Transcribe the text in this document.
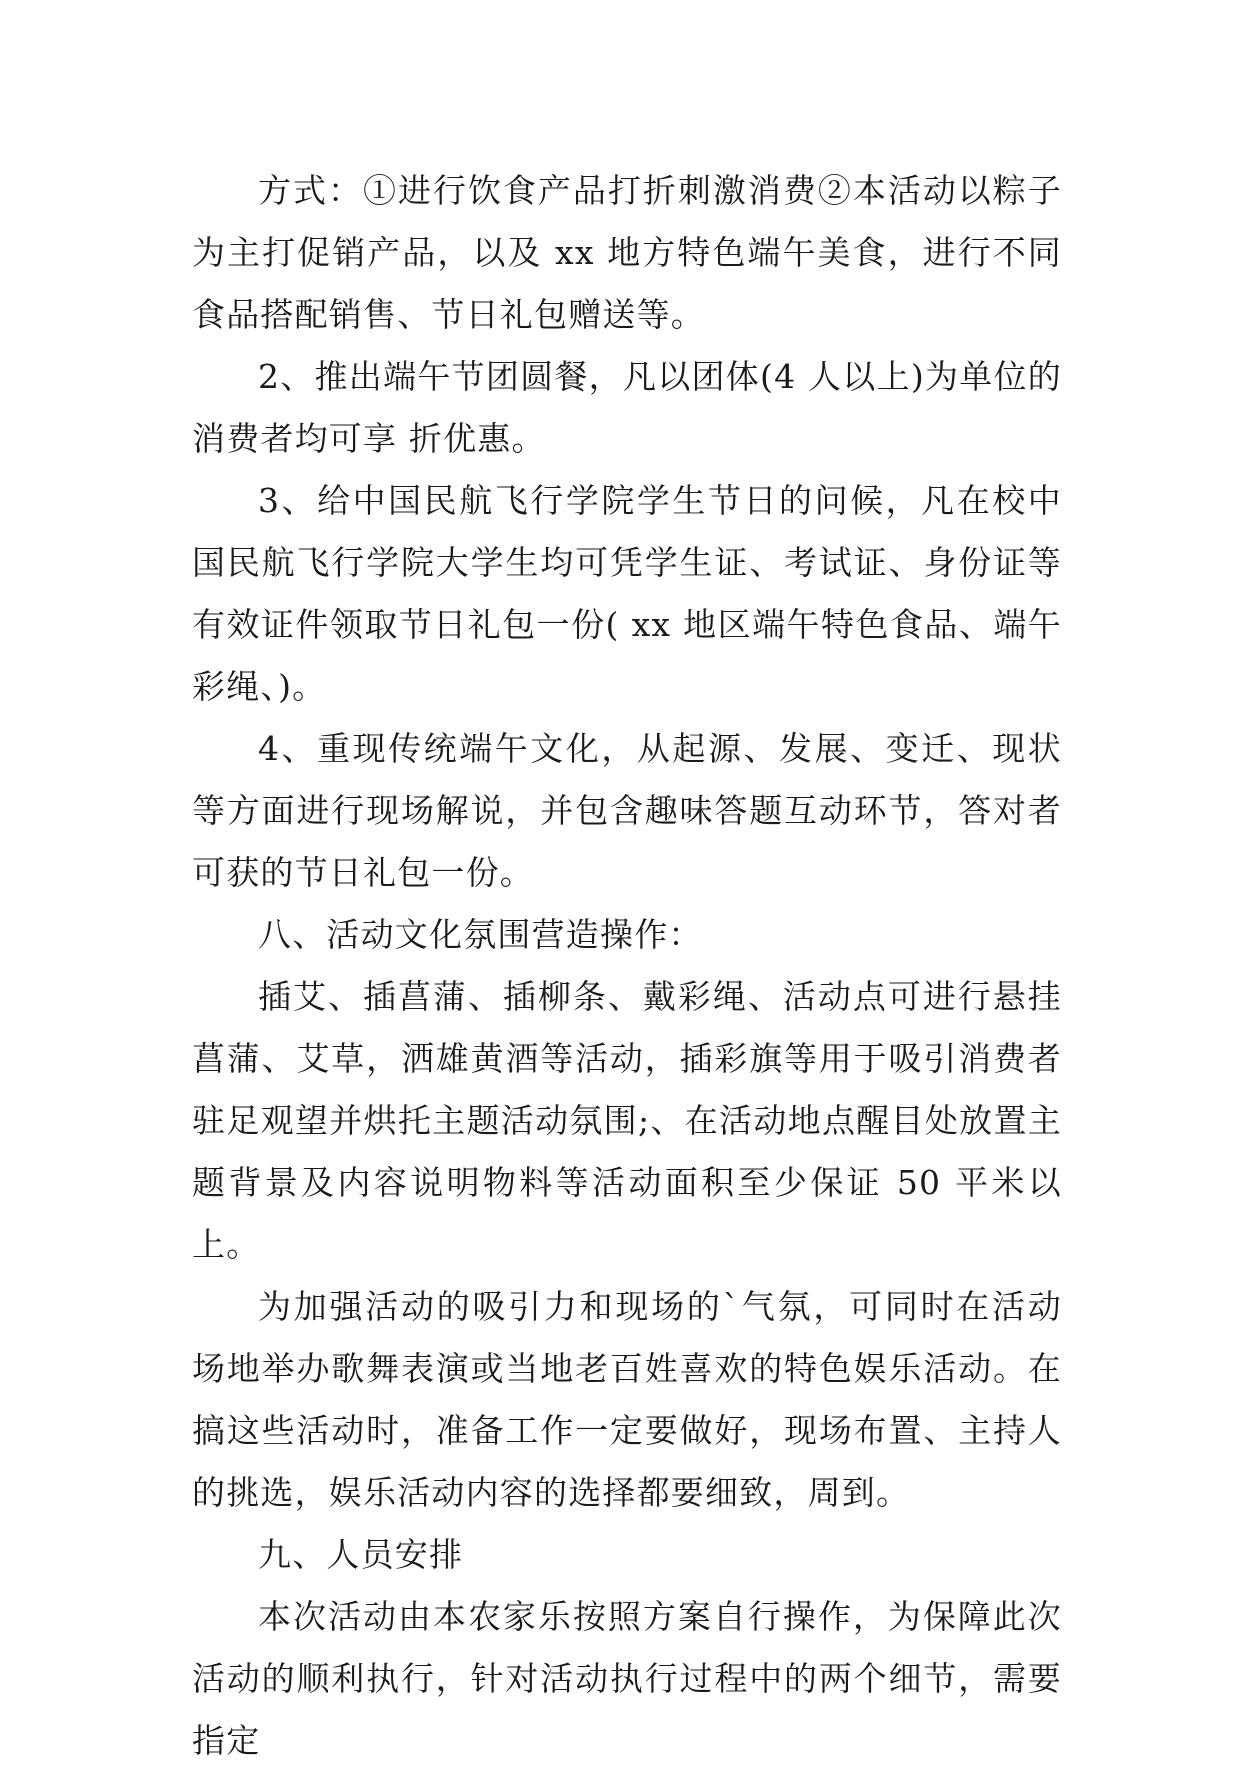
方式：①进行饮食产品打折刺激消费②本活动以粽子为主打促销产品，以及 xx 地方特色端午美食，进行不同食品搭配销售、节日礼包赠送等。

2、推出端午节团圆餐，凡以团体(4 人以上)为单位的消费者均可享 折优惠。

3、给中国民航飞行学院学生节日的问候，凡在校中国民航飞行学院大学生均可凭学生证、考试证、身份证等有效证件领取节日礼包一份( xx 地区端午特色食品、端午彩绳、)。

4、重现传统端午文化，从起源、发展、变迁、现状等方面进行现场解说，并包含趣味答题互动环节，答对者可获的节日礼包一份。

八、活动文化氛围营造操作：

插艾、插菖蒲、插柳条、戴彩绳、活动点可进行悬挂菖蒲、艾草，洒雄黄酒等活动，插彩旗等用于吸引消费者驻足观望并烘托主题活动氛围;、在活动地点醒目处放置主题背景及内容说明物料等活动面积至少保证 50 平米以上。

为加强活动的吸引力和现场的`气氛，可同时在活动场地举办歌舞表演或当地老百姓喜欢的特色娱乐活动。在搞这些活动时，准备工作一定要做好，现场布置、主持人的挑选，娱乐活动内容的选择都要细致，周到。

九、人员安排

本次活动由本农家乐按照方案自行操作，为保障此次活动的顺利执行，针对活动执行过程中的两个细节，需要指定
